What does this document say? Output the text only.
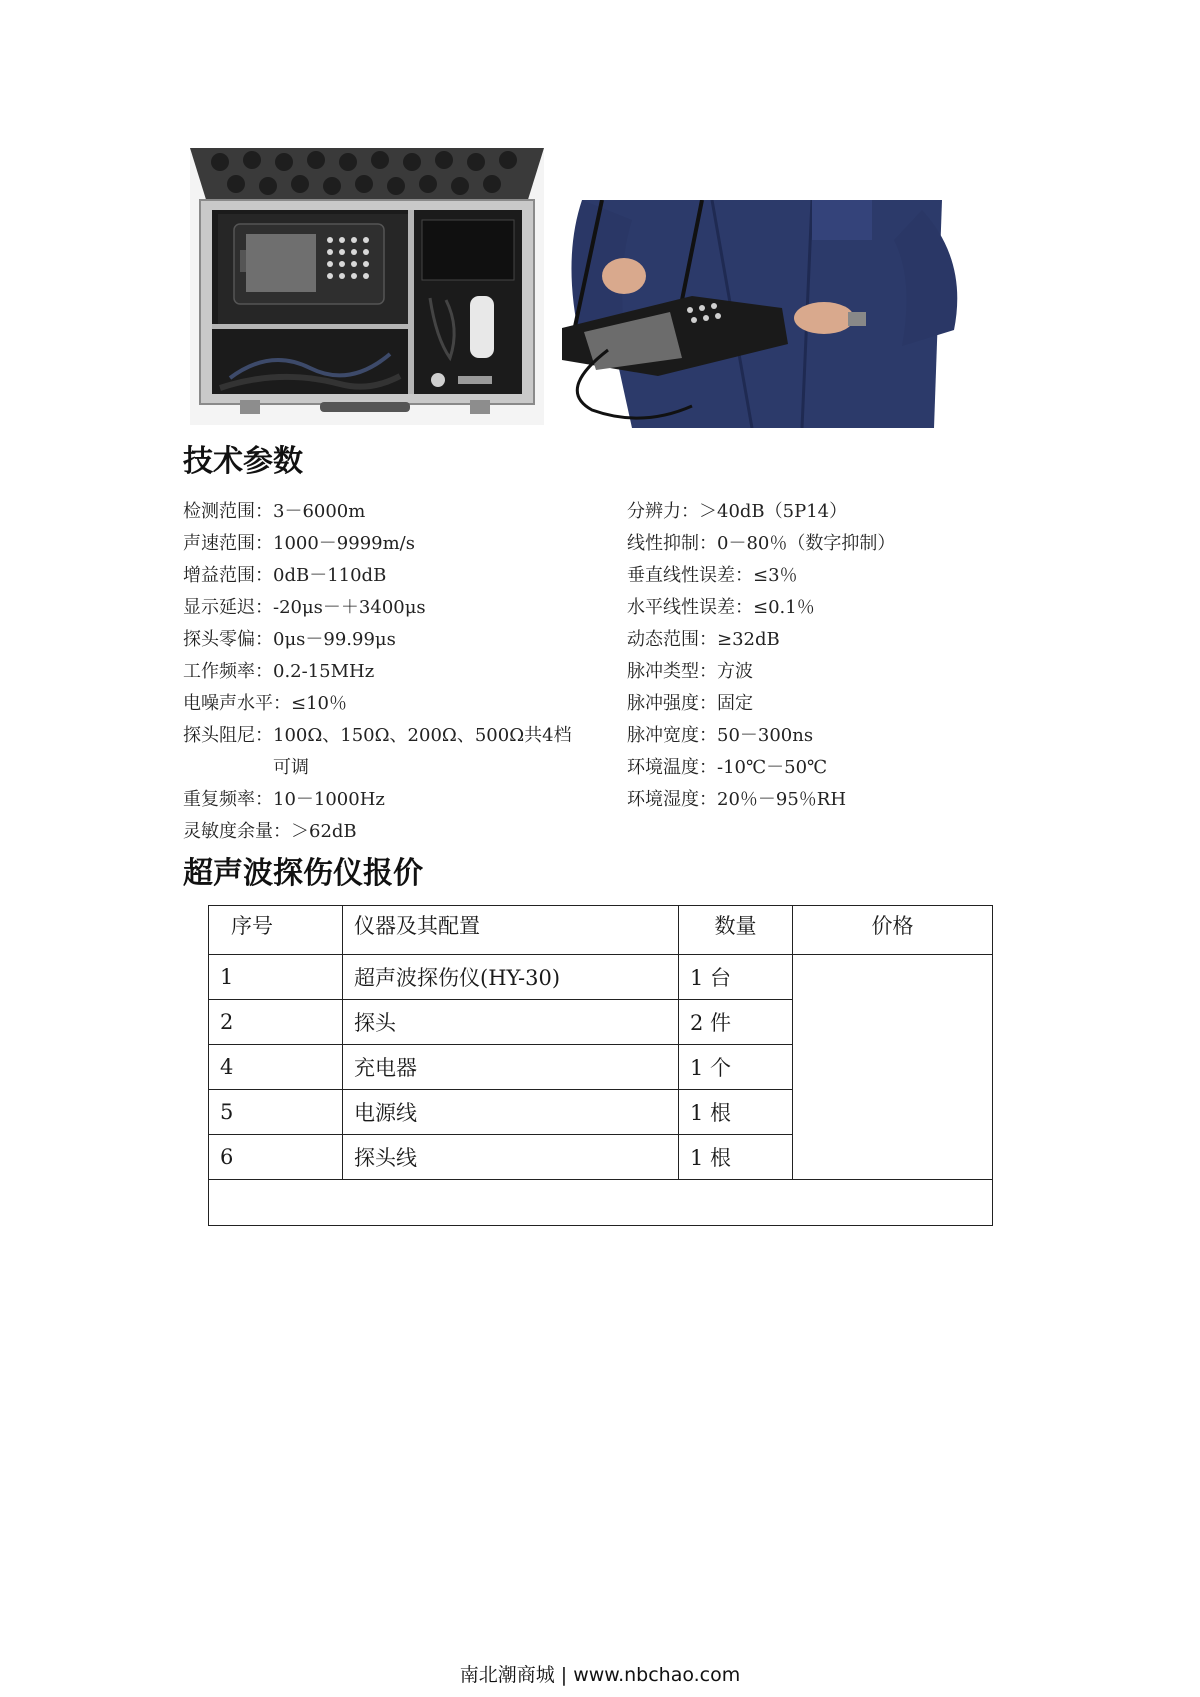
技术参数
检测范围： 3－6000m
声速范围： 1000－9999m/s
增益范围： 0dB－110dB
显示延迟： -20μs－＋3400μs
探头零偏： 0μs－99.99μs
工作频率： 0.2-15MHz
电噪声水平： ≤10％
探头阻尼： 100Ω、150Ω、200Ω、500Ω共4档可调
重复频率： 10－1000Hz
灵敏度余量： ＞62dB
分辨力： ＞40dB（5P14）
线性抑制： 0－80％（数字抑制）
垂直线性误差： ≤3％
水平线性误差： ≤0.1％
动态范围： ≥32dB
脉冲类型： 方波
脉冲强度： 固定
脉冲宽度： 50－300ns
环境温度： -10℃－50℃
环境湿度： 20％－95％RH
超声波探伤仪报价
序号	仪器及其配置	数量	价格
1	超声波探伤仪(HY-30)	1 台	
2	探头	2 件	
4	充电器	1 个	
5	电源线	1 根	
6	探头线	1 根	

南北潮商城 | www.nbchao.com
